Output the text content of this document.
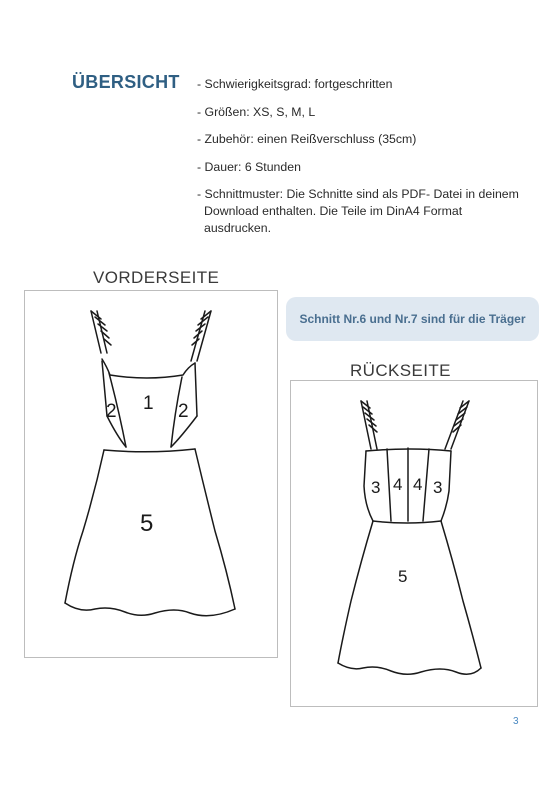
ÜBERSICHT - Schwierigkeitsgrad: fortgeschritten
- Größen: XS, S, M, L
- Zubehör: einen Reißverschluss (35cm)
- Dauer: 6 Stunden
- Schnittmuster: Die Schnitte sind als PDF- Datei in deinem Download enthalten. Die Teile im DinA4 Format ausdrucken.
VORDERSEITE
2 1 2
5
Schnitt Nr.6 und Nr.7 sind für die Träger
RÜCKSEITE
3 4 4 3
5
3
